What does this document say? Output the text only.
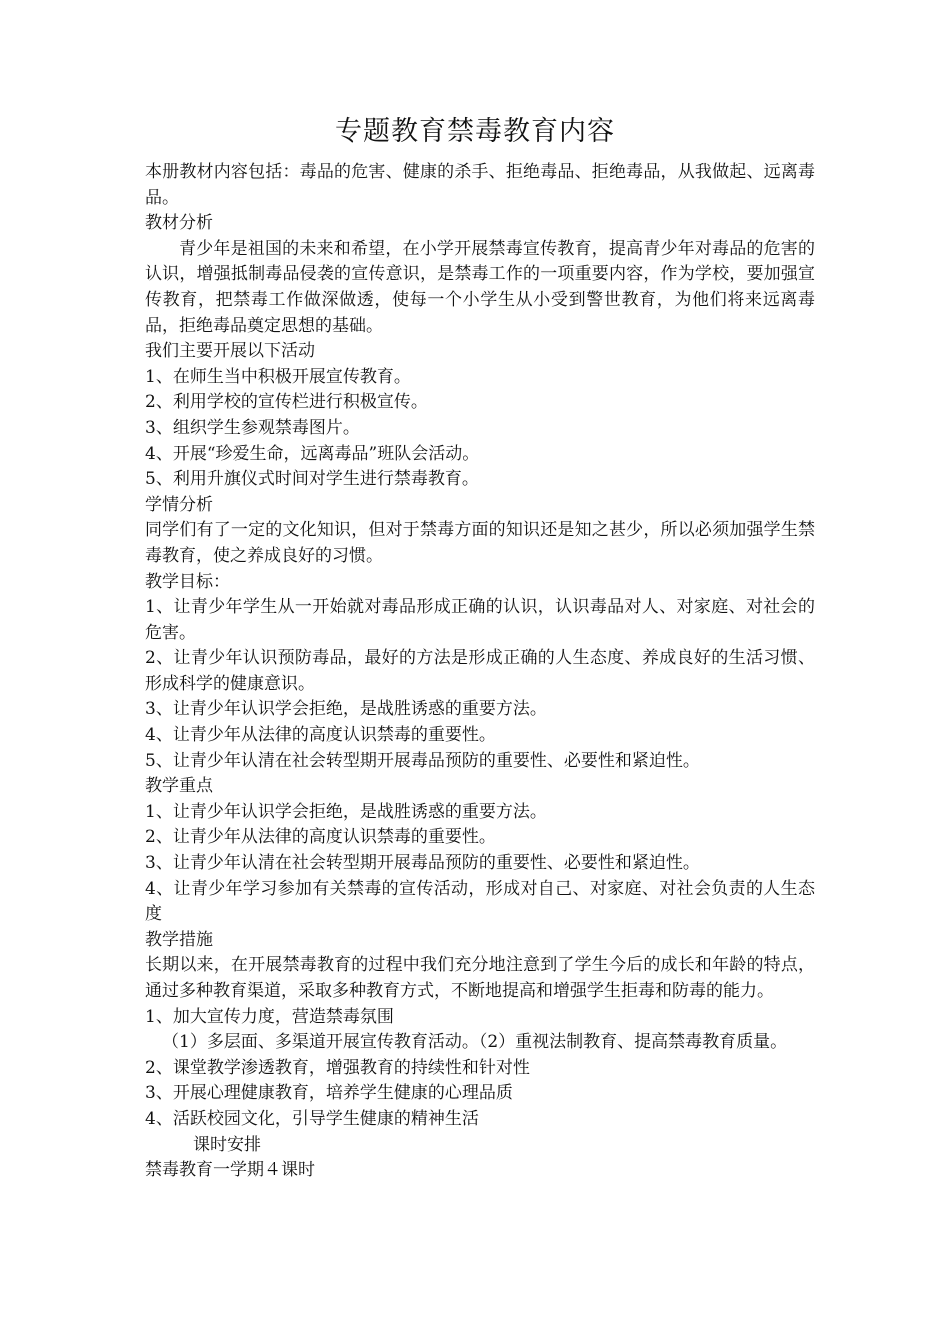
专题教育禁毒教育内容

本册教材内容包括：毒品的危害、健康的杀手、拒绝毒品、拒绝毒品，从我做起、远离毒品。

教材分析

青少年是祖国的未来和希望，在小学开展禁毒宣传教育，提高青少年对毒品的危害的认识，增强抵制毒品侵袭的宣传意识，是禁毒工作的一项重要内容，作为学校，要加强宣传教育，把禁毒工作做深做透，使每一个小学生从小受到警世教育，为他们将来远离毒品，拒绝毒品奠定思想的基础。

我们主要开展以下活动

1、在师生当中积极开展宣传教育。

2、利用学校的宣传栏进行积极宣传。

3、组织学生参观禁毒图片。

4、开展“珍爱生命，远离毒品”班队会活动。

5、利用升旗仪式时间对学生进行禁毒教育。

学情分析

同学们有了一定的文化知识，但对于禁毒方面的知识还是知之甚少，所以必须加强学生禁毒教育，使之养成良好的习惯。

教学目标：

1、让青少年学生从一开始就对毒品形成正确的认识，认识毒品对人、对家庭、对社会的危害。

2、让青少年认识预防毒品，最好的方法是形成正确的人生态度、养成良好的生活习惯、形成科学的健康意识。

3、让青少年认识学会拒绝，是战胜诱惑的重要方法。

4、让青少年从法律的高度认识禁毒的重要性。

5、让青少年认清在社会转型期开展毒品预防的重要性、必要性和紧迫性。

教学重点

1、让青少年认识学会拒绝，是战胜诱惑的重要方法。

2、让青少年从法律的高度认识禁毒的重要性。

3、让青少年认清在社会转型期开展毒品预防的重要性、必要性和紧迫性。

4、让青少年学习参加有关禁毒的宣传活动，形成对自己、对家庭、对社会负责的人生态度

教学措施

长期以来，在开展禁毒教育的过程中我们充分地注意到了学生今后的成长和年龄的特点，通过多种教育渠道，采取多种教育方式，不断地提高和增强学生拒毒和防毒的能力。

1、加大宣传力度，营造禁毒氛围

（1）多层面、多渠道开展宣传教育活动。（2）重视法制教育、提高禁毒教育质量。

2、课堂教学渗透教育，增强教育的持续性和针对性

3、开展心理健康教育，培养学生健康的心理品质

4、活跃校园文化，引导学生健康的精神生活

课时安排

禁毒教育一学期４课时
